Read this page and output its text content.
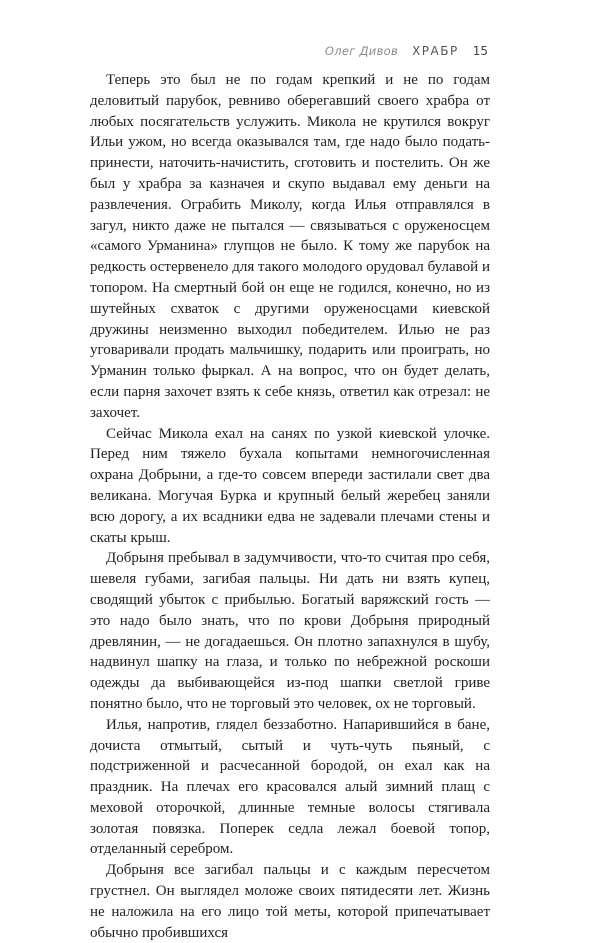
Олег Дивов ХРАБР 15

Теперь это был не по годам крепкий и не по годам деловитый парубок, ревниво оберегавший своего храбра от любых посягательств услужить. Микола не крутился вокруг Ильи ужом, но всегда оказывался там, где надо было подать-принести, наточить-начистить, сготовить и постелить. Он же был у храбра за казначея и скупо выдавал ему деньги на развлечения. Ограбить Миколу, когда Илья отправлялся в загул, никто даже не пытался — связываться с оруженосцем «самого Урманина» глупцов не было. К тому же парубок на редкость остервенело для такого молодого орудовал булавой и топором. На смертный бой он еще не годился, конечно, но из шутейных схваток с другими оруженосцами киевской дружины неизменно выходил победителем. Илью не раз уговаривали продать мальчишку, подарить или проиграть, но Урманин только фыркал. А на вопрос, что он будет делать, если парня захочет взять к себе князь, ответил как отрезал: не захочет.

Сейчас Микола ехал на санях по узкой киевской улочке. Перед ним тяжело бухала копытами немногочисленная охрана Добрыни, а где-то совсем впереди застилали свет два великана. Могучая Бурка и крупный белый жеребец заняли всю дорогу, а их всадники едва не задевали плечами стены и скаты крыш.

Добрыня пребывал в задумчивости, что-то считая про себя, шевеля губами, загибая пальцы. Ни дать ни взять купец, сводящий убыток с прибылью. Богатый варяжский гость — это надо было знать, что по крови Добрыня природный древлянин, — не догадаешься. Он плотно запахнулся в шубу, надвинул шапку на глаза, и только по небрежной роскоши одежды да выбивающейся из-под шапки светлой гриве понятно было, что не торговый это человек, ох не торговый.

Илья, напротив, глядел беззаботно. Напарившийся в бане, дочиста отмытый, сытый и чуть-чуть пьяный, с подстриженной и расчесанной бородой, он ехал как на праздник. На плечах его красовался алый зимний плащ с меховой оторочкой, длинные темные волосы стягивала золотая повязка. Поперек седла лежал боевой топор, отделанный серебром.

Добрыня все загибал пальцы и с каждым пересчетом грустнел. Он выглядел моложе своих пятидесяти лет. Жизнь не наложила на его лицо той меты, которой припечатывает обычно пробившихся
